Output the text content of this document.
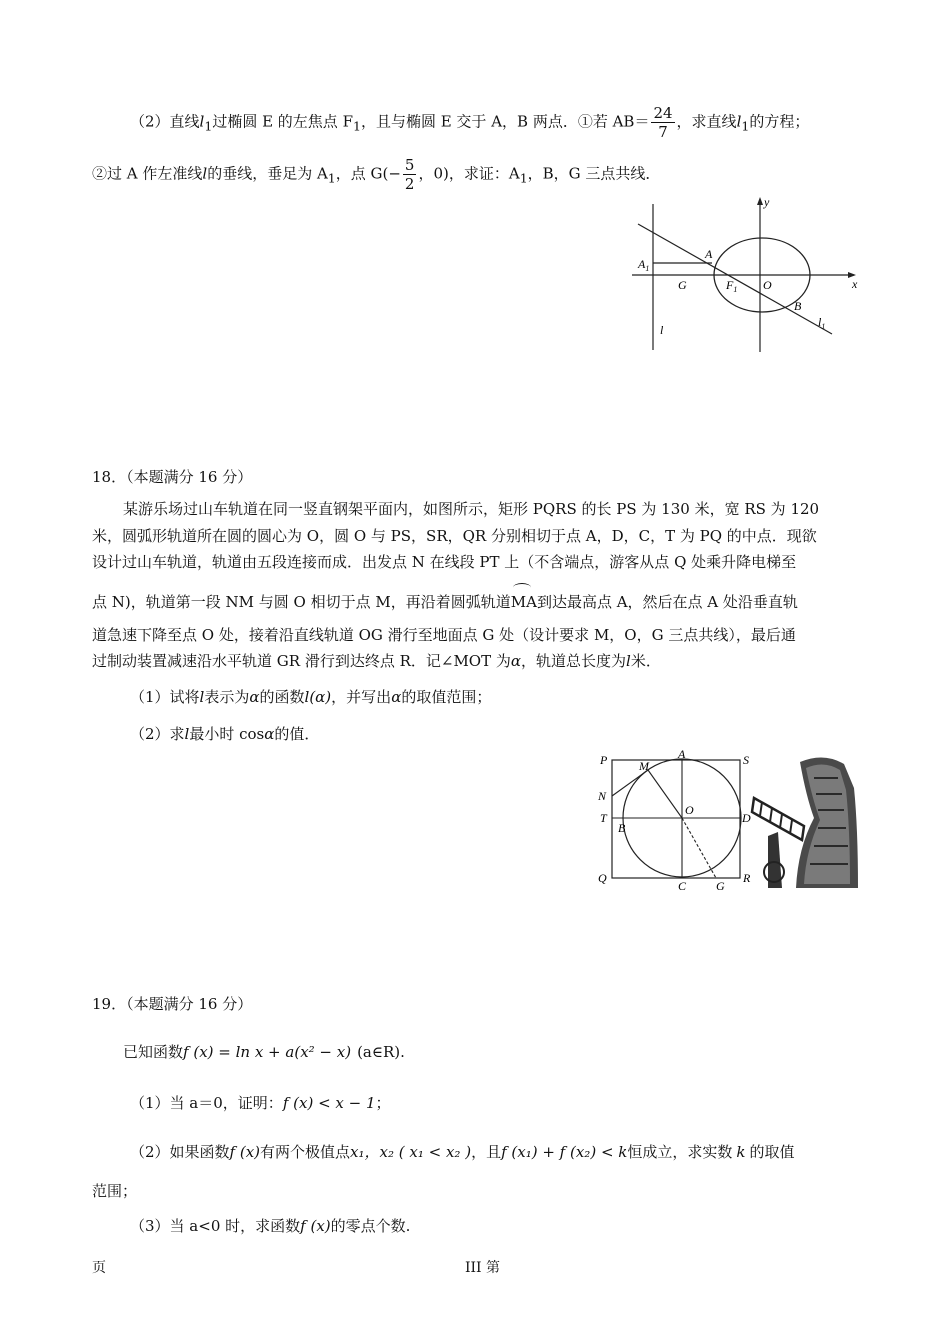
（2）直线$l_1$过椭圆 E 的左焦点 $F_1$，且与椭圆 E 交于 A，B 两点．①若 $AB= \frac{24}{7}$ ，求直线$l_1$的方程；
②过 A 作左准线l的垂线，垂足为 $A_1$，点 $G(- \frac{5}{2}$ ，0)，求证：$A_1$，B，G 三点共线．
y
x
A
$A_1$
G	$F_1$ O
B
$l_1$
l
18．（本题满分 16 分）
某游乐场过山车轨道在同一竖直钢架平面内，如图所示，矩形 PQRS 的长 PS 为 130 米，宽 RS 为 120
米，圆弧形轨道所在圆的圆心为 O，圆 O 与 PS，SR，QR 分别相切于点 A，D，C，T 为 PQ 的中点．现欲
设计过山车轨道，轨道由五段连接而成．出发点 N 在线段 PT 上（不含端点，游客从点 Q 处乘升降电梯至
点 N)，轨道第一段 NM 与圆 O 相切于点 M，再沿着圆弧轨道
MA到达最高点 A，然后在点 A 处沿垂直轨
道急速下降至点 O 处，接着沿直线轨道 OG 滑行至地面点 G 处（设计要求 M，O，G 三点共线），最后通
过制动装置减速沿水平轨道 GR 滑行到达终点 R．记∠MOT 为α，轨道总长度为l米．
（1）试将l表示为α的函数l(α)，并写出α的取值范围；
（2）求l最小时 cosα的值．
P	A	S
M
N
O
T
B
D
Q
C G
R
19．（本题满分 16 分）
已知函数f (x) = ln x + a(x² − x) (a∈R).
（1）当 a＝0，证明：f (x) < x − 1；
（2）如果函数f (x)有两个极值点x₁，x₂ ( x₁ < x₂ )，且f (x₁) + f (x₂) < k恒成立，求实数 k 的取值
范围；
（3）当 a<0 时，求函数f (x)的零点个数.
页	III 第
